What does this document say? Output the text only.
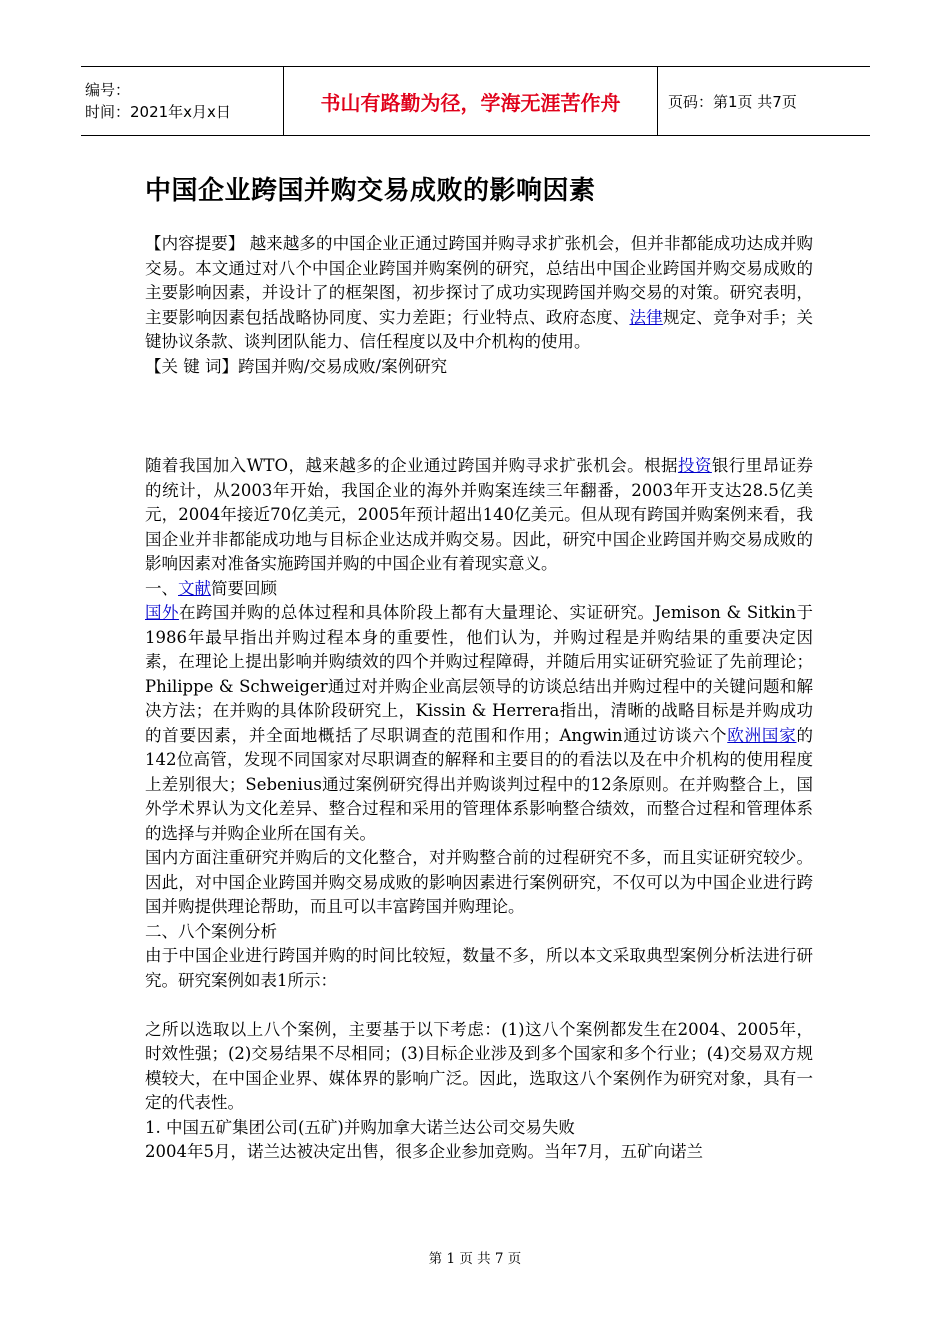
编号：
时间：2021年x月x日	书山有路勤为径，学海无涯苦作舟	页码：第1页 共7页
中国企业跨国并购交易成败的影响因素

【内容提要】 越来越多的中国企业正通过跨国并购寻求扩张机会，但并非都能成功达成并购交易。本文通过对八个中国企业跨国并购案例的研究，总结出中国企业跨国并购交易成败的主要影响因素，并设计了的框架图，初步探讨了成功实现跨国并购交易的对策。研究表明，主要影响因素包括战略协同度、实力差距；行业特点、政府态度、法律规定、竞争对手；关键协议条款、谈判团队能力、信任程度以及中介机构的使用。

【关 键 词】跨国并购/交易成败/案例研究

随着我国加入WTO，越来越多的企业通过跨国并购寻求扩张机会。根据投资银行里昂证券的统计，从2003年开始，我国企业的海外并购案连续三年翻番，2003年开支达28.5亿美元，2004年接近70亿美元，2005年预计超出140亿美元。但从现有跨国并购案例来看，我国企业并非都能成功地与目标企业达成并购交易。因此，研究中国企业跨国并购交易成败的影响因素对准备实施跨国并购的中国企业有着现实意义。

一、文献简要回顾

国外在跨国并购的总体过程和具体阶段上都有大量理论、实证研究。Jemison & Sitkin于1986年最早指出并购过程本身的重要性，他们认为，并购过程是并购结果的重要决定因素，在理论上提出影响并购绩效的四个并购过程障碍，并随后用实证研究验证了先前理论；Philippe & Schweiger通过对并购企业高层领导的访谈总结出并购过程中的关键问题和解决方法；在并购的具体阶段研究上，Kissin & Herrera指出，清晰的战略目标是并购成功的首要因素，并全面地概括了尽职调查的范围和作用；Angwin通过访谈六个欧洲国家的142位高管，发现不同国家对尽职调查的解释和主要目的的看法以及在中介机构的使用程度上差别很大；Sebenius通过案例研究得出并购谈判过程中的12条原则。在并购整合上，国外学术界认为文化差异、整合过程和采用的管理体系影响整合绩效，而整合过程和管理体系的选择与并购企业所在国有关。

国内方面注重研究并购后的文化整合，对并购整合前的过程研究不多，而且实证研究较少。因此，对中国企业跨国并购交易成败的影响因素进行案例研究，不仅可以为中国企业进行跨国并购提供理论帮助，而且可以丰富跨国并购理论。

二、八个案例分析

由于中国企业进行跨国并购的时间比较短，数量不多，所以本文采取典型案例分析法进行研究。研究案例如表1所示：

之所以选取以上八个案例，主要基于以下考虑：(1)这八个案例都发生在2004、2005年，时效性强；(2)交易结果不尽相同；(3)目标企业涉及到多个国家和多个行业；(4)交易双方规模较大，在中国企业界、媒体界的影响广泛。因此，选取这八个案例作为研究对象，具有一定的代表性。

1. 中国五矿集团公司(五矿)并购加拿大诺兰达公司交易失败

2004年5月，诺兰达被决定出售，很多企业参加竞购。当年7月，五矿向诺兰

第 1 页 共 7 页
